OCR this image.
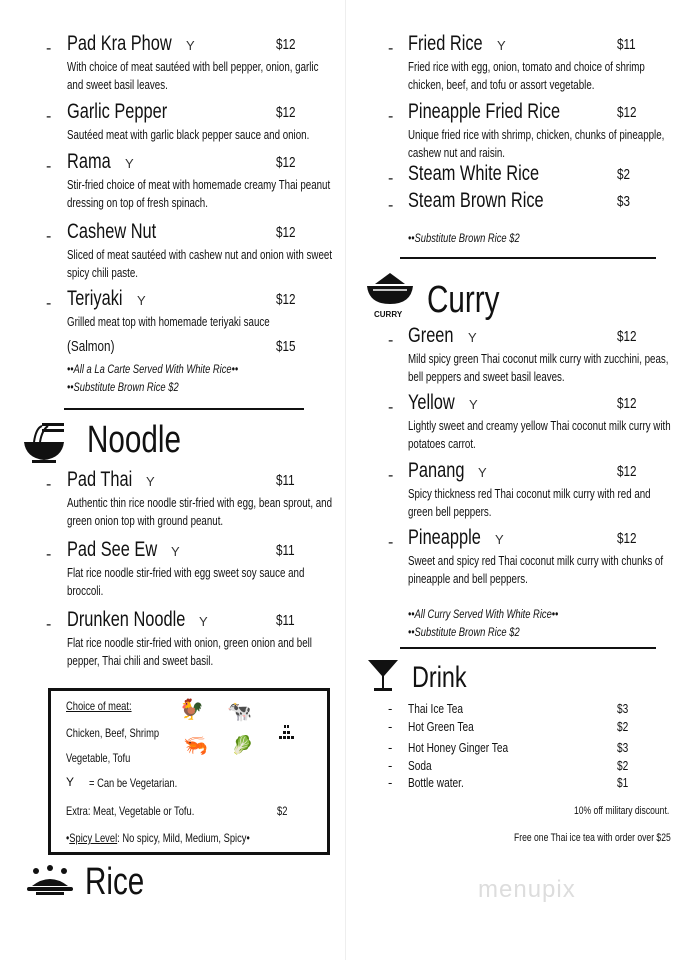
Noodle
Choice of meat:
Chicken, Beef, Shrimp
Vegetable, Tofu
Y = Can be Vegetarian.
Extra: Meat, Vegetable or Tofu.	$2
•Spicy Level: No spicy, Mild, Medium, Spicy•
🐓 🐄
🦐 🥬
Rice
CURRY Curry
Drink
10% off military discount.
Free one Thai ice tea with order over $25
menupix
- Pad Kra Phow Y	$12
With choice of meat sautéed with bell pepper, onion, garlic and sweet basil leaves.
- Garlic Pepper	$12
Sautéed meat with garlic black pepper sauce and onion.
- Rama Y	$12
Stir-fried choice of meat with homemade creamy Thai peanut dressing on top of fresh spinach.
- Cashew Nut	$12
Sliced of meat sautéed with cashew nut and onion with sweet spicy chili paste.
- Teriyaki Y	$12
Grilled meat top with homemade teriyaki sauce
(Salmon)	$15
••All a La Carte Served With White Rice••
••Substitute Brown Rice $2
- Pad Thai Y	$11
Authentic thin rice noodle stir-fried with egg, bean sprout, and green onion top with ground peanut.
- Pad See Ew Y	$11
Flat rice noodle stir-fried with egg sweet soy sauce and broccoli.
- Drunken Noodle Y	$11
Flat rice noodle stir-fried with onion, green onion and bell pepper, Thai chili and sweet basil.
- Fried Rice Y	$11
Fried rice with egg, onion, tomato and choice of shrimp chicken, beef, and tofu or assort vegetable.
- Pineapple Fried Rice	$12
Unique fried rice with shrimp, chicken, chunks of pineapple, cashew nut and raisin.
- Steam White Rice	$2
- Steam Brown Rice	$3
••Substitute Brown Rice $2
- Green Y	$12
Mild spicy green Thai coconut milk curry with zucchini, peas, bell peppers and sweet basil leaves.
- Yellow Y	$12
Lightly sweet and creamy yellow Thai coconut milk curry with potatoes carrot.
- Panang Y	$12
Spicy thickness red Thai coconut milk curry with red and green bell peppers.
- Pineapple Y	$12
Sweet and spicy red Thai coconut milk curry with chunks of pineapple and bell peppers.
••All Curry Served With White Rice••
••Substitute Brown Rice $2
- Thai Ice Tea	$3
- Hot Green Tea	$2
- Hot Honey Ginger Tea	$3
- Soda	$2
- Bottle water.	$1
